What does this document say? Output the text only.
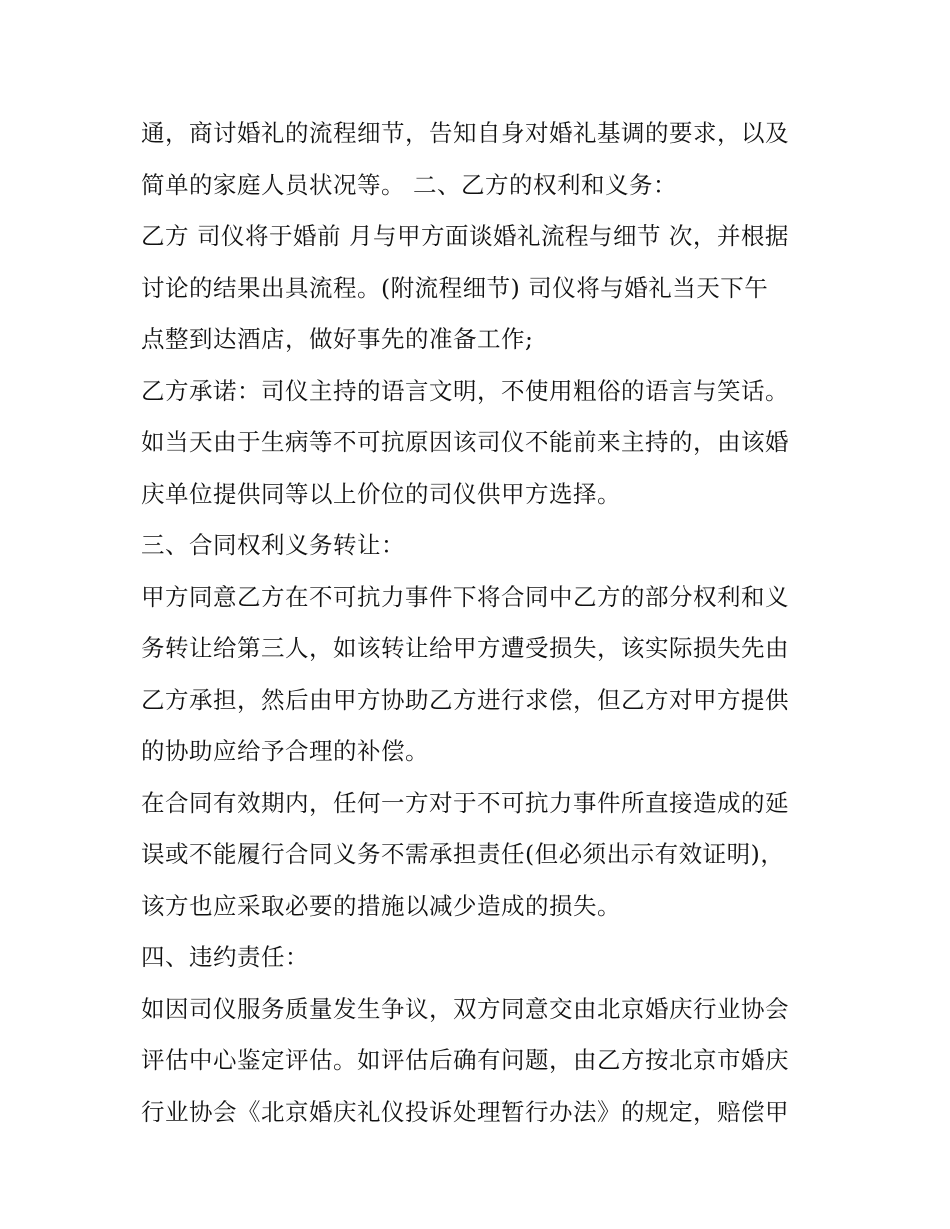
通，商讨婚礼的流程细节，告知自身对婚礼基调的要求，以及
简单的家庭人员状况等。 二、乙方的权利和义务：
乙方 司仪将于婚前 月与甲方面谈婚礼流程与细节 次，并根据
讨论的结果出具流程。(附流程细节) 司仪将与婚礼当天下午
点整到达酒店，做好事先的准备工作;
乙方承诺：司仪主持的语言文明，不使用粗俗的语言与笑话。
如当天由于生病等不可抗原因该司仪不能前来主持的，由该婚
庆单位提供同等以上价位的司仪供甲方选择。
三、合同权利义务转让：
甲方同意乙方在不可抗力事件下将合同中乙方的部分权利和义
务转让给第三人，如该转让给甲方遭受损失，该实际损失先由
乙方承担，然后由甲方协助乙方进行求偿，但乙方对甲方提供
的协助应给予合理的补偿。
在合同有效期内，任何一方对于不可抗力事件所直接造成的延
误或不能履行合同义务不需承担责任(但必须出示有效证明)，
该方也应采取必要的措施以减少造成的损失。
四、违约责任：
如因司仪服务质量发生争议，双方同意交由北京婚庆行业协会
评估中心鉴定评估。如评估后确有问题，由乙方按北京市婚庆
行业协会《北京婚庆礼仪投诉处理暂行办法》的规定，赔偿甲
